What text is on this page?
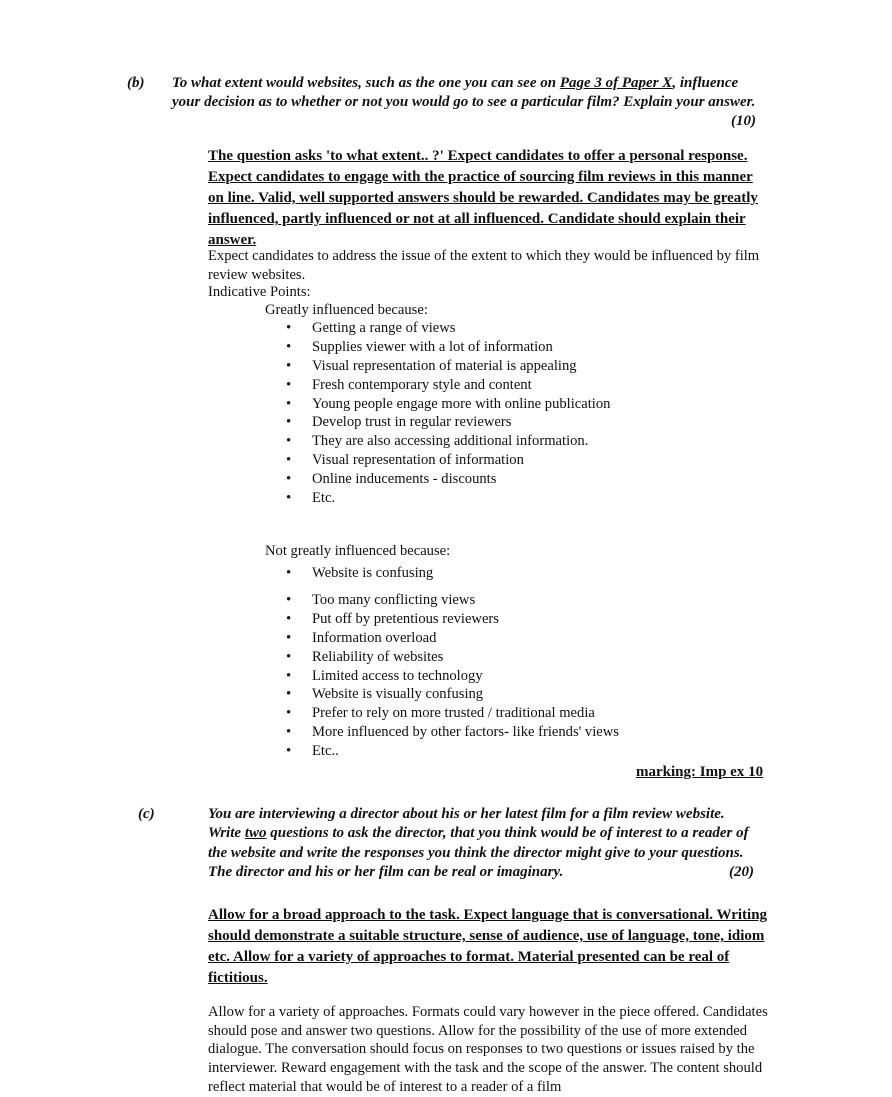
(b) To what extent would websites, such as the one you can see on Page 3 of Paper X, influence your decision as to whether or not you would go to see a particular film? Explain your answer.
(10)
The question asks 'to what extent.. ?' Expect candidates to offer a personal response. Expect candidates to engage with the practice of sourcing film reviews in this manner on line. Valid, well supported answers should be rewarded. Candidates may be greatly influenced, partly influenced or not at all influenced. Candidate should explain their answer.
Expect candidates to address the issue of the extent to which they would be influenced by film review websites.
Indicative Points:
Greatly influenced because:
• Getting a range of views
• Supplies viewer with a lot of information
• Visual representation of material is appealing
• Fresh contemporary style and content
• Young people engage more with online publication
• Develop trust in regular reviewers
• They are also accessing additional information.
• Visual representation of information
• Online inducements - discounts
• Etc.
Not greatly influenced because:
• Website is confusing
• Too many conflicting views
• Put off by pretentious reviewers
• Information overload
• Reliability of websites
• Limited access to technology
• Website is visually confusing
• Prefer to rely on more trusted / traditional media
• More influenced by other factors- like friends' views
• Etc..
marking: Imp ex 10
(c)	You are interviewing a director about his or her latest film for a film review website.
Write two questions to ask the director, that you think would be of interest to a reader of the website and write the responses you think the director might give to your questions. The director and his or her film can be real or imaginary.	(20)
Allow for a broad approach to the task. Expect language that is conversational. Writing should demonstrate a suitable structure, sense of audience, use of language, tone, idiom etc. Allow for a variety of approaches to format. Material presented can be real of fictitious.
Allow for a variety of approaches. Formats could vary however in the piece offered. Candidates should pose and answer two questions. Allow for the possibility of the use of more extended dialogue. The conversation should focus on responses to two questions or issues raised by the interviewer. Reward engagement with the task and the scope of the answer. The content should reflect material that would be of interest to a reader of a film
